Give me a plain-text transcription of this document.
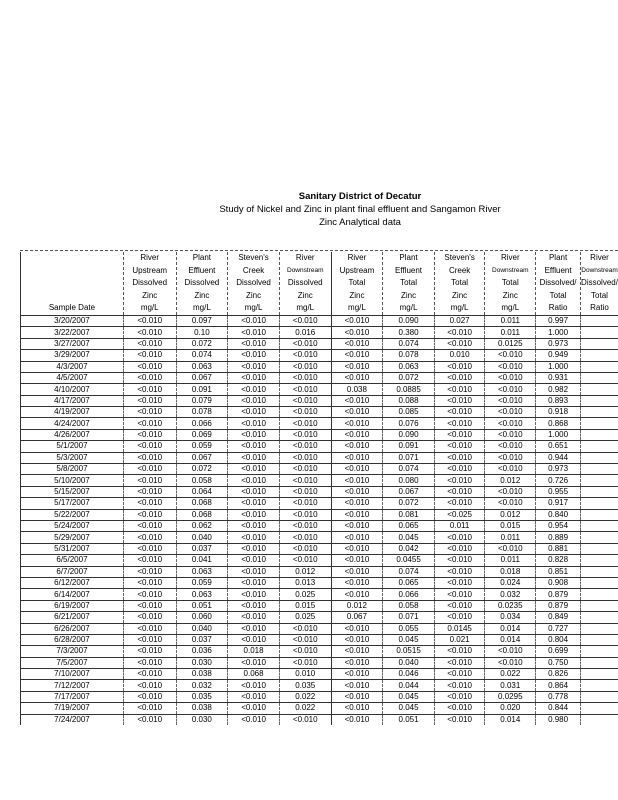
Sanitary District of Decatur
Study of Nickel and Zinc in plant final effluent and Sangamon River
Zinc Analytical data
Sample Date	River
Upstream
Dissolved
Zinc
mg/L	Plant
Effluent
Dissolved
Zinc
mg/L	Steven's
Creek
Dissolved
Zinc
mg/L	River
Downstream
Dissolved
Zinc
mg/L	River
Upstream
Total
Zinc
mg/L	Plant
Effluent
Total
Zinc
mg/L	Steven's
Creek
Total
Zinc
mg/L	River
Downstream
Total
Zinc
mg/L	Plant
Effluent
Dissolved/
Total
Ratio	River
Downstream
Dissolved/
Total
Ratio

3/20/2007	<0.010	0.097	<0.010	<0.010	<0.010	0.090	0.027	0.011	0.997	
3/22/2007	<0.010	0.10	<0.010	0.016	<0.010	0.380	<0.010	0.011	1.000	
3/27/2007	<0.010	0.072	<0.010	<0.010	<0.010	0.074	<0.010	0.0125	0.973	
3/29/2007	<0.010	0.074	<0.010	<0.010	<0.010	0.078	0.010	<0.010	0.949	
4/3/2007	<0.010	0.063	<0.010	<0.010	<0.010	0.063	<0.010	<0.010	1.000	
4/5/2007	<0.010	0.067	<0.010	<0.010	<0.010	0.072	<0.010	<0.010	0.931	
4/10/2007	<0.010	0.091	<0.010	<0.010	0.038	0.0885	<0.010	<0.010	0.982	
4/17/2007	<0.010	0.079	<0.010	<0.010	<0.010	0.088	<0.010	<0.010	0.893	
4/19/2007	<0.010	0.078	<0.010	<0.010	<0.010	0.085	<0.010	<0.010	0.918	
4/24/2007	<0.010	0.066	<0.010	<0.010	<0.010	0.076	<0.010	<0.010	0.868	
4/26/2007	<0.010	0.069	<0.010	<0.010	<0.010	0.090	<0.010	<0.010	1.000	
5/1/2007	<0.010	0.059	<0.010	<0.010	<0.010	0.091	<0.010	<0.010	0.651	
5/3/2007	<0.010	0.067	<0.010	<0.010	<0.010	0.071	<0.010	<0.010	0.944	
5/8/2007	<0.010	0.072	<0.010	<0.010	<0.010	0.074	<0.010	<0.010	0.973	
5/10/2007	<0.010	0.058	<0.010	<0.010	<0.010	0.080	<0.010	0.012	0.726	
5/15/2007	<0.010	0.064	<0.010	<0.010	<0.010	0.067	<0.010	<0.010	0.955	
5/17/2007	<0.010	0.068	<0.010	<0.010	<0.010	0.072	<0.010	<0.010	0.917	
5/22/2007	<0.010	0.068	<0.010	<0.010	<0.010	0.081	<0.025	0.012	0.840	
5/24/2007	<0.010	0.062	<0.010	<0.010	<0.010	0.065	0.011	0.015	0.954	
5/29/2007	<0.010	0.040	<0.010	<0.010	<0.010	0.045	<0.010	0.011	0.889	
5/31/2007	<0.010	0.037	<0.010	<0.010	<0.010	0.042	<0.010	<0.010	0.881	
6/5/2007	<0.010	0.041	<0.010	<0.010	<0.010	0.0455	<0.010	0.011	0.828	
6/7/2007	<0.010	0.063	<0.010	0.012	<0.010	0.074	<0.010	0.018	0.851	
6/12/2007	<0.010	0.059	<0.010	0.013	<0.010	0.065	<0.010	0.024	0.908	
6/14/2007	<0.010	0.063	<0.010	0.025	<0.010	0.066	<0.010	0.032	0.879	
6/19/2007	<0.010	0.051	<0.010	0.015	0.012	0.058	<0.010	0.0235	0.879	
6/21/2007	<0.010	0.060	<0.010	0.025	0.067	0.071	<0.010	0.034	0.849	
6/26/2007	<0.010	0.040	<0.010	<0.010	<0.010	0.055	0.0145	0.014	0.727	
6/28/2007	<0.010	0.037	<0.010	<0.010	<0.010	0.045	0.021	0.014	0.804	
7/3/2007	<0.010	0.036	0.018	<0.010	<0.010	0.0515	<0.010	<0.010	0.699	
7/5/2007	<0.010	0.030	<0.010	<0.010	<0.010	0.040	<0.010	<0.010	0.750	
7/10/2007	<0.010	0.038	0.068	0.010	<0.010	0.046	<0.010	0.022	0.826	
7/12/2007	<0.010	0.032	<0.010	0.035	<0.010	0.044	<0.010	0.031	0.864	
7/17/2007	<0.010	0.035	<0.010	0.022	<0.010	0.045	<0.010	0.0295	0.778	
7/19/2007	<0.010	0.038	<0.010	0.022	<0.010	0.045	<0.010	0.020	0.844	
7/24/2007	<0.010	0.030	<0.010	<0.010	<0.010	0.051	<0.010	0.014	0.980	
